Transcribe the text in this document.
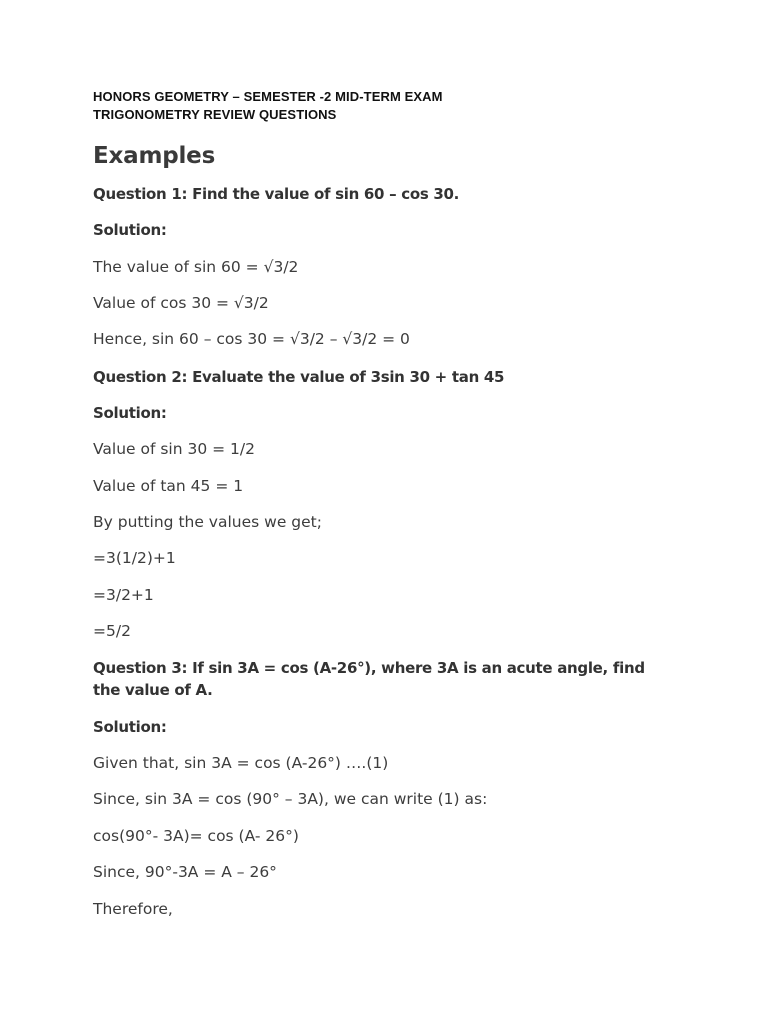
HONORS GEOMETRY – SEMESTER -2 MID-TERM EXAM
TRIGONOMETRY REVIEW QUESTIONS
Examples
Question 1: Find the value of sin 60 – cos 30.
Solution:
The value of sin 60 = √3/2
Value of cos 30 = √3/2
Hence, sin 60 – cos 30 = √3/2 – √3/2 = 0
Question 2: Evaluate the value of 3sin 30 + tan 45
Solution:
Value of sin 30 = 1/2
Value of tan 45 = 1
By putting the values we get;
=3(1/2)+1
=3/2+1
=5/2
Question 3: If sin 3A = cos (A-26°), where 3A is an acute angle, find the value of A.
Solution:
Given that, sin 3A = cos (A-26°) ….(1)
Since, sin 3A = cos (90° – 3A), we can write (1) as:
cos(90°- 3A)= cos (A- 26°)
Since, 90°-3A = A – 26°
Therefore,
